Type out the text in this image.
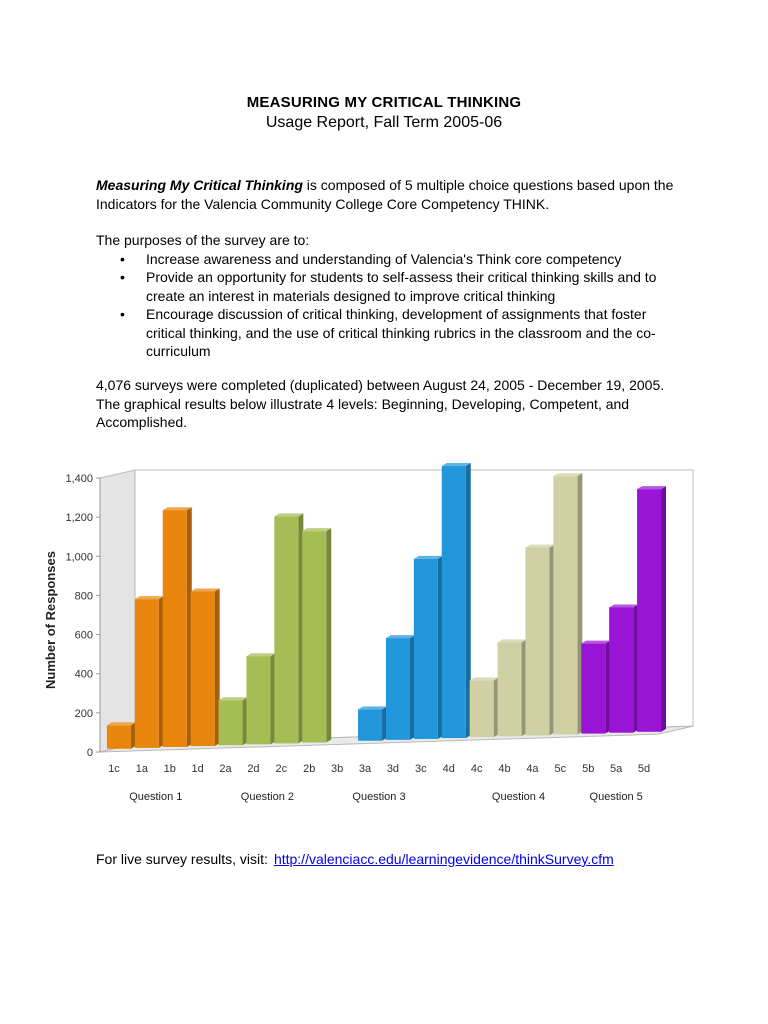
MEASURING MY CRITICAL THINKING
Usage Report, Fall Term 2005-06
Measuring My Critical Thinking is composed of 5 multiple choice questions based upon the Indicators for the Valencia Community College Core Competency THINK.
The purposes of the survey are to:
• Increase awareness and understanding of Valencia's Think core competency
• Provide an opportunity for students to self-assess their critical thinking skills and to create an interest in materials designed to improve critical thinking
• Encourage discussion of critical thinking, development of assignments that foster critical thinking, and the use of critical thinking rubrics in the classroom and the co-curriculum
4,076 surveys were completed (duplicated) between August 24, 2005 - December 19, 2005. The graphical results below illustrate 4 levels: Beginning, Developing, Competent, and Accomplished.
0
200
400
600
800
1,000
1,200
1,400
Number of Responses
1c 1a 1b 1d 2a 2d 2c 2b 3b 3a 3d 3c 4d 4c 4b 4a 5c 5b 5a 5d
Question 1	Question 2	Question 3	Question 4	Question 5
For live survey results, visit: http://valenciacc.edu/learningevidence/thinkSurvey.cfm
